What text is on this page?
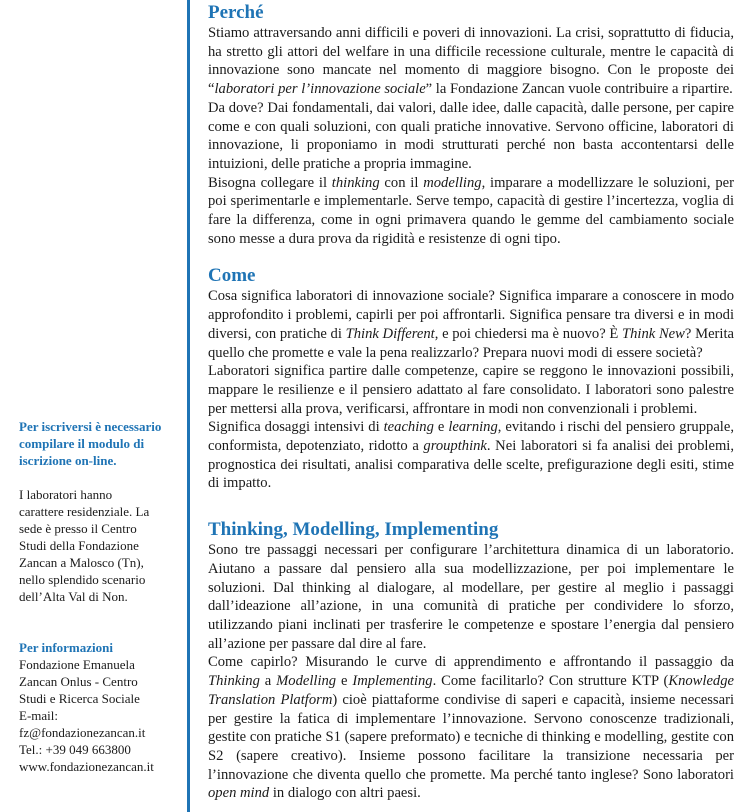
Per iscriversi è necessario compilare il modulo di iscrizione on-line.

I laboratori hanno carattere residenziale. La sede è presso il Centro Studi della Fondazione Zancan a Malosco (Tn), nello splendido scenario dell’Alta Val di Non.

Per informazioni

Fondazione Emanuela

Zancan Onlus - Centro

Studi e Ricerca Sociale

E-mail:

fz@fondazionezancan.it

Tel.: +39 049 663800

www.fondazionezancan.it

Perché

Stiamo attraversando anni difficili e poveri di innovazioni. La crisi, soprattutto di fiducia, ha stretto gli attori del welfare in una difficile recessione culturale, mentre le capacità di innovazione sono mancate nel momento di maggiore bisogno. Con le proposte dei “laboratori per l’innovazione sociale” la Fondazione Zancan vuole contribuire a ripartire.

Da dove? Dai fondamentali, dai valori, dalle idee, dalle capacità, dalle persone, per capire come e con quali soluzioni, con quali pratiche innovative. Servono officine, laboratori di innovazione, li proponiamo in modi strutturati perché non basta accontentarsi delle intuizioni, delle pratiche a propria immagine.

Bisogna collegare il thinking con il modelling, imparare a modellizzare le soluzioni, per poi sperimentarle e implementarle. Serve tempo, capacità di gestire l’incertezza, voglia di fare la differenza, come in ogni primavera quando le gemme del cambiamento sociale sono messe a dura prova da rigidità e resistenze di ogni tipo.

Come

Cosa significa laboratori di innovazione sociale? Significa imparare a conoscere in modo approfondito i problemi, capirli per poi affrontarli. Significa pensare tra diversi e in modi diversi, con pratiche di Think Different, e poi chiedersi ma è nuovo? È Think New? Merita quello che promette e vale la pena realizzarlo? Prepara nuovi modi di essere società?

Laboratori significa partire dalle competenze, capire se reggono le innovazioni possibili, mappare le resilienze e il pensiero adattato al fare consolidato. I laboratori sono palestre per mettersi alla prova, verificarsi, affrontare in modi non convenzionali i problemi.

Significa dosaggi intensivi di teaching e learning, evitando i rischi del pensiero gruppale, conformista, depotenziato, ridotto a groupthink. Nei laboratori si fa analisi dei problemi, prognostica dei risultati, analisi comparativa delle scelte, prefigurazione degli esiti, stime di impatto.

Thinking, Modelling, Implementing

Sono tre passaggi necessari per configurare l’architettura dinamica di un laboratorio. Aiutano a passare dal pensiero alla sua modellizzazione, per poi implementare le soluzioni. Dal thinking al dialogare, al modellare, per gestire al meglio i passaggi dall’ideazione all’azione, in una comunità di pratiche per condividere lo sforzo, utilizzando piani inclinati per trasferire le competenze e spostare l’energia dal pensiero all’azione per passare dal dire al fare.

Come capirlo? Misurando le curve di apprendimento e affrontando il passaggio da Thinking a Modelling e Implementing. Come facilitarlo? Con strutture KTP (Knowledge Translation Platform) cioè piattaforme condivise di saperi e capacità, insieme necessari per gestire la fatica di implementare l’innovazione. Servono conoscenze tradizionali, gestite con pratiche S1 (sapere preformato) e tecniche di thinking e modelling, gestite con S2 (sapere creativo). Insieme possono facilitare la transizione necessaria per l’innovazione che diventa quello che promette. Ma perché tanto inglese? Sono laboratori open mind in dialogo con altri paesi.
